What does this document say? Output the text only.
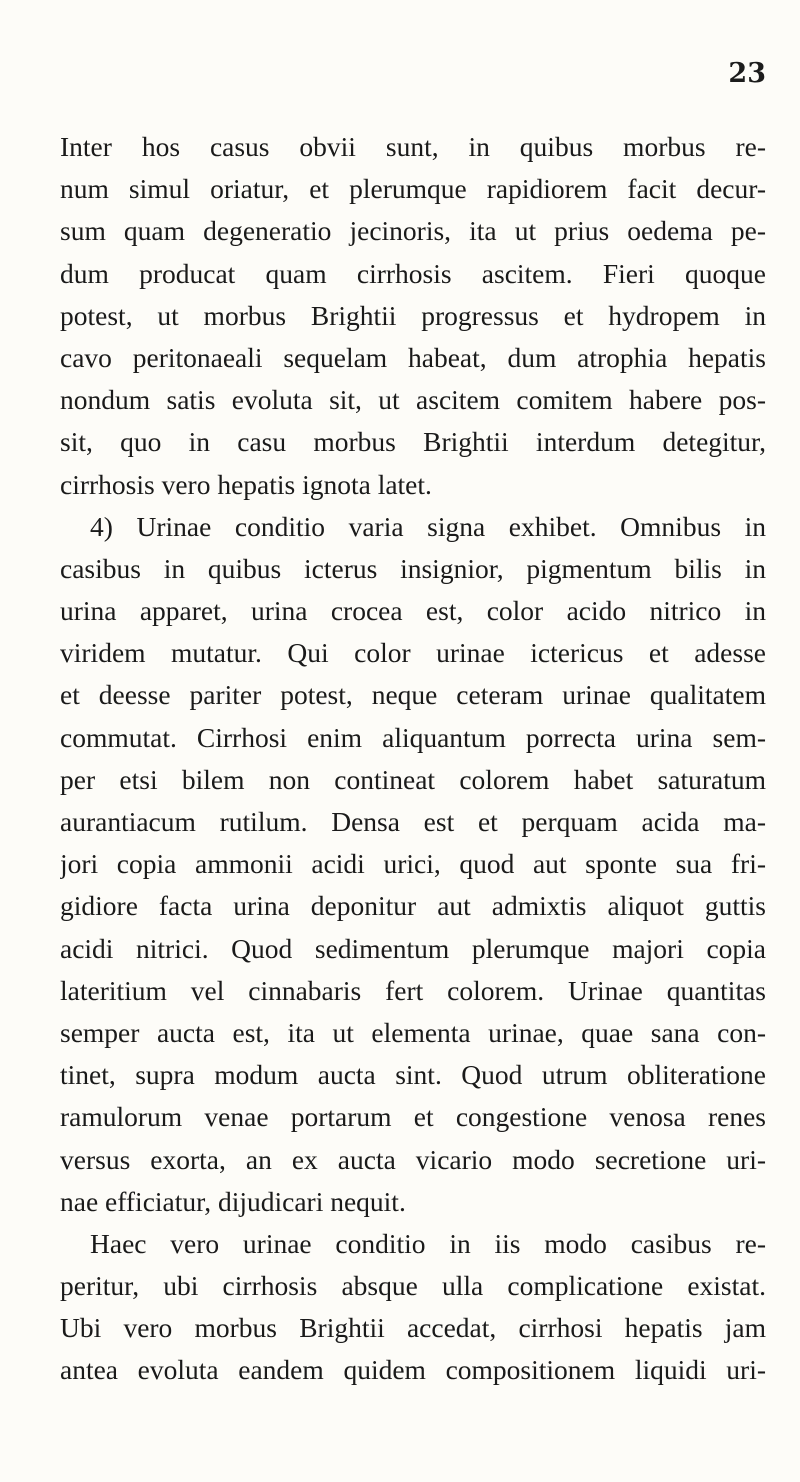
23
Inter hos casus obvii sunt, in quibus morbus re-
num simul oriatur, et plerumque rapidiorem facit decur-
sum quam degeneratio jecinoris, ita ut prius oedema pe-
dum producat quam cirrhosis ascitem. Fieri quoque
potest, ut morbus Brightii progressus et hydropem in
cavo peritonaeali sequelam habeat, dum atrophia hepatis
nondum satis evoluta sit, ut ascitem comitem habere pos-
sit, quo in casu morbus Brightii interdum detegitur,
cirrhosis vero hepatis ignota latet.
4) Urinae conditio varia signa exhibet. Omnibus in
casibus in quibus icterus insignior, pigmentum bilis in
urina apparet, urina crocea est, color acido nitrico in
viridem mutatur. Qui color urinae ictericus et adesse
et deesse pariter potest, neque ceteram urinae qualitatem
commutat. Cirrhosi enim aliquantum porrecta urina sem-
per etsi bilem non contineat colorem habet saturatum
aurantiacum rutilum. Densa est et perquam acida ma-
jori copia ammonii acidi urici, quod aut sponte sua fri-
gidiore facta urina deponitur aut admixtis aliquot guttis
acidi nitrici. Quod sedimentum plerumque majori copia
lateritium vel cinnabaris fert colorem. Urinae quantitas
semper aucta est, ita ut elementa urinae, quae sana con-
tinet, supra modum aucta sint. Quod utrum obliteratione
ramulorum venae portarum et congestione venosa renes
versus exorta, an ex aucta vicario modo secretione uri-
nae efficiatur, dijudicari nequit.
Haec vero urinae conditio in iis modo casibus re-
peritur, ubi cirrhosis absque ulla complicatione existat.
Ubi vero morbus Brightii accedat, cirrhosi hepatis jam
antea evoluta eandem quidem compositionem liquidi uri-
